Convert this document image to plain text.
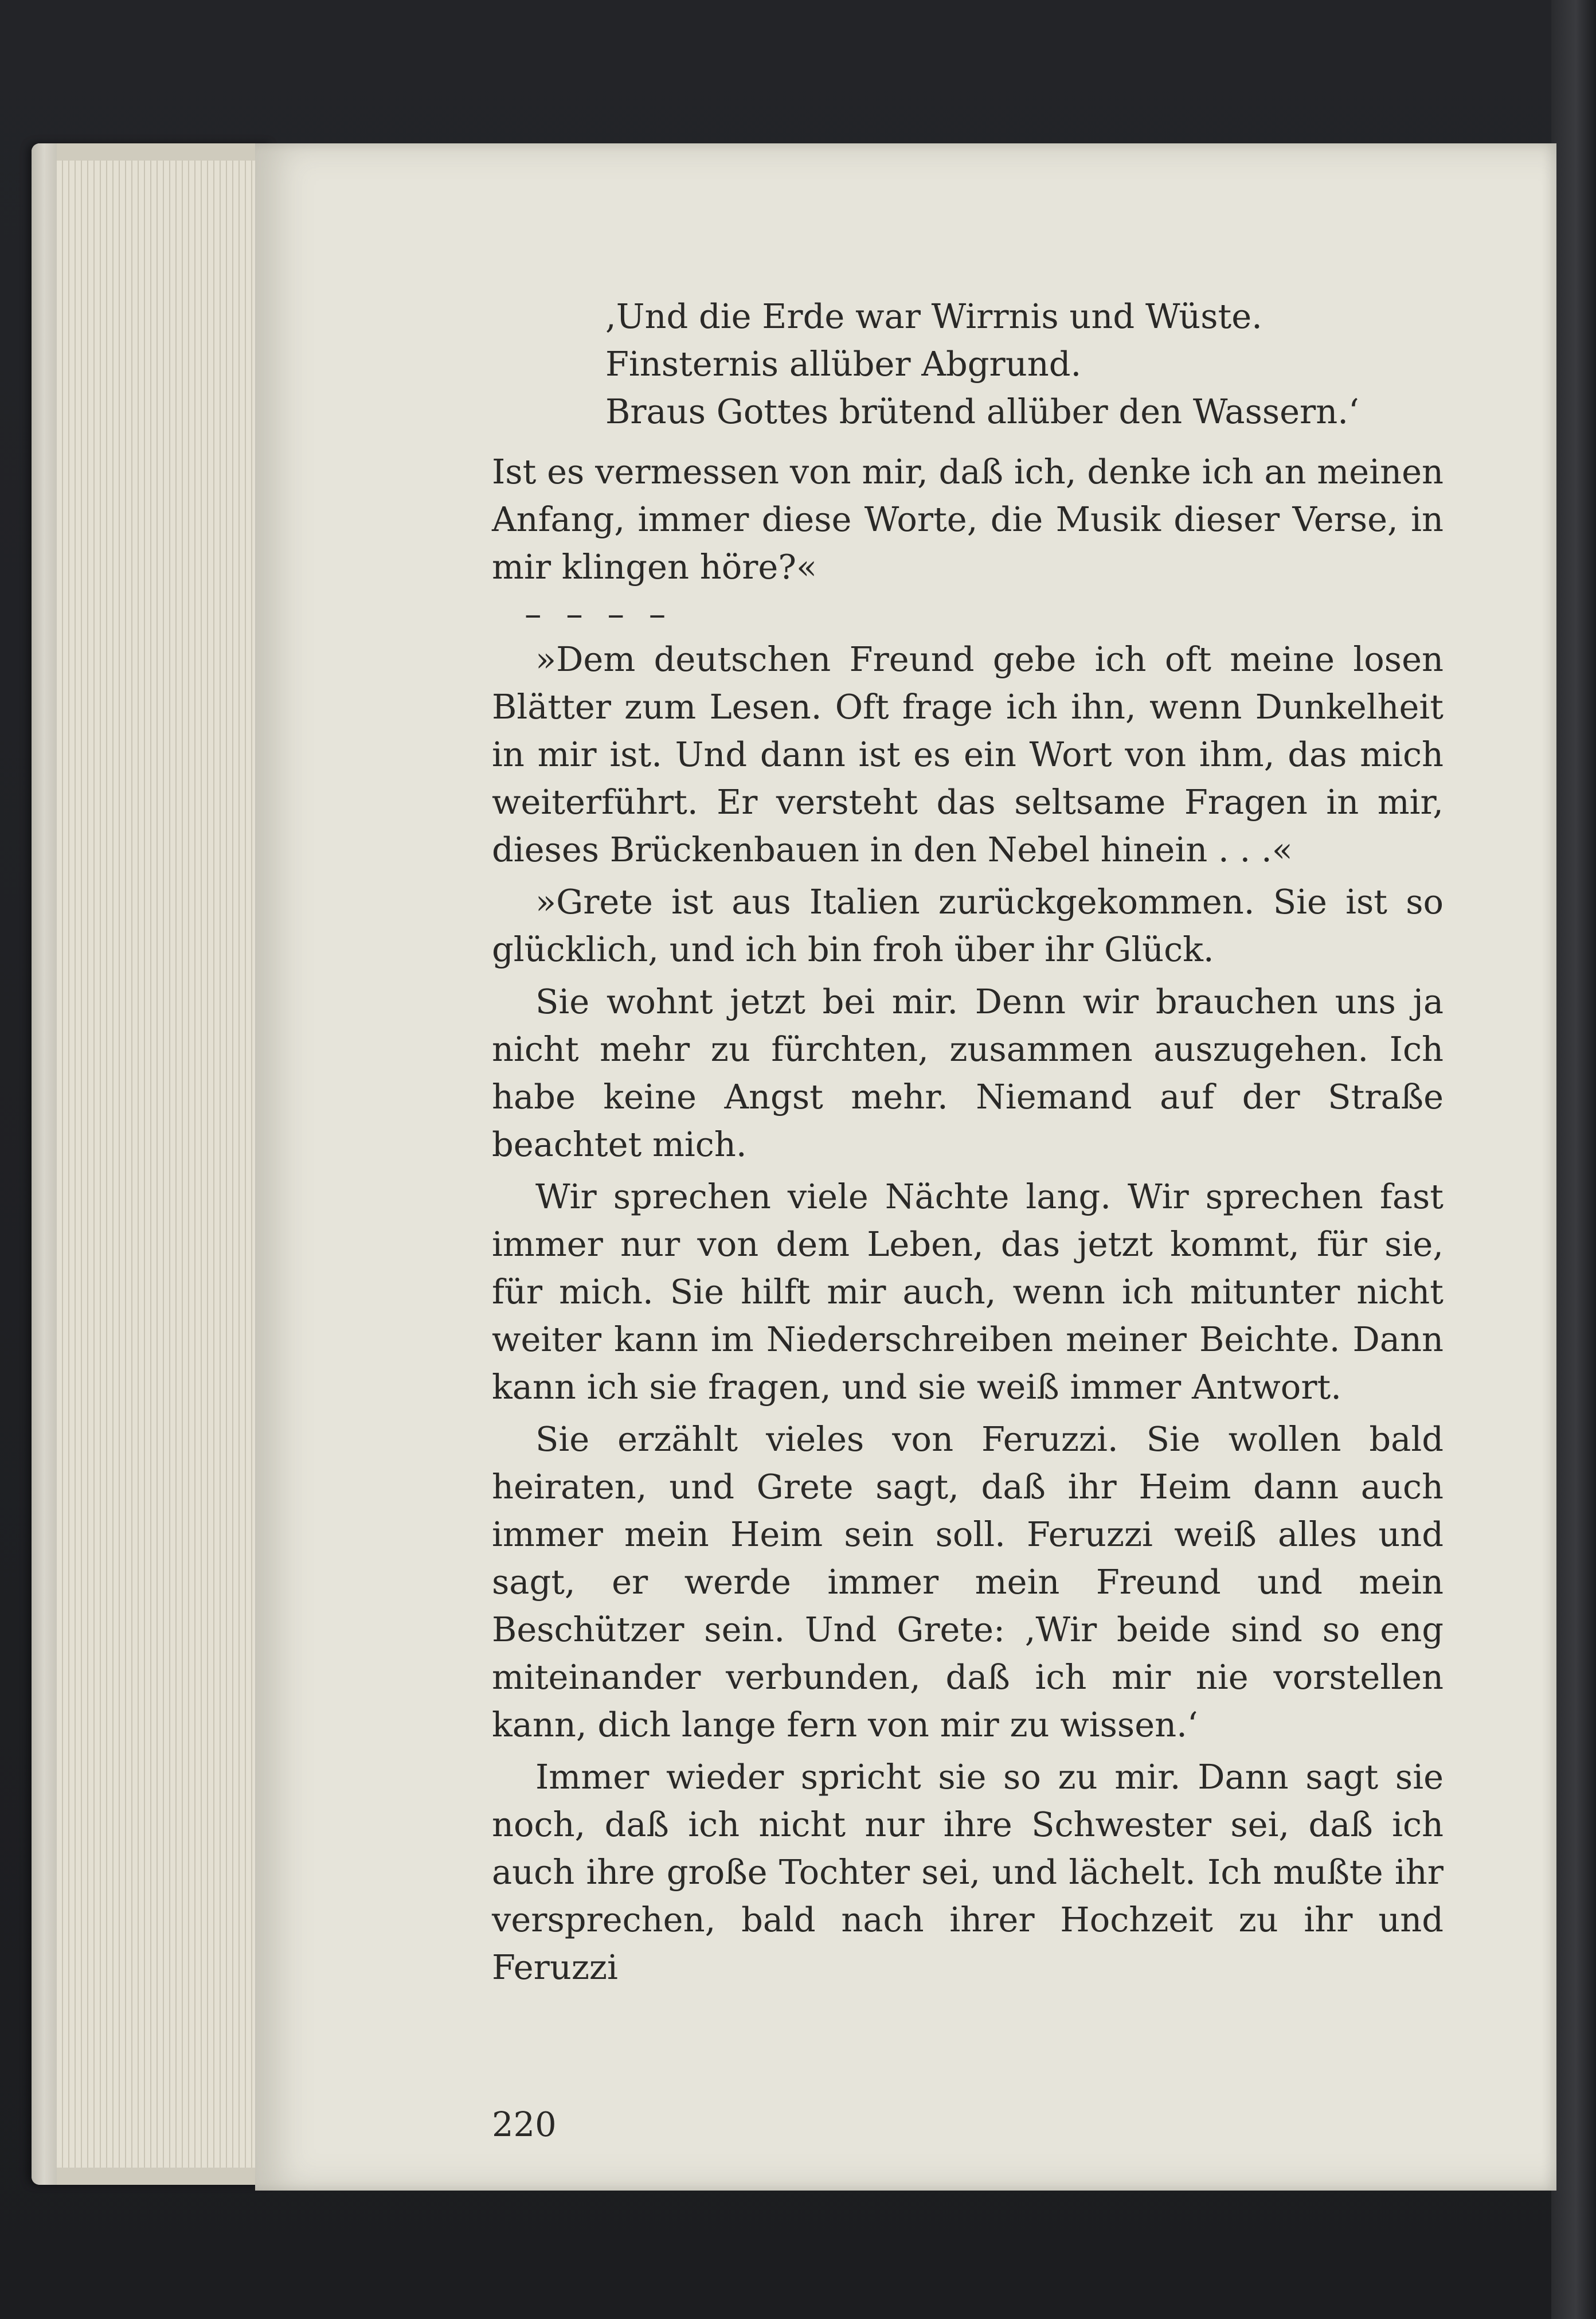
,Und die Erde war Wirrnis und Wüste.
Finsternis allüber Abgrund.
Braus Gottes brütend allüber den Wassern.‘

Ist es vermessen von mir, daß ich, denke ich an meinen Anfang, immer diese Worte, die Musik dieser Verse, in mir klingen höre?«

– – – –

»Dem deutschen Freund gebe ich oft meine losen Blätter zum Lesen. Oft frage ich ihn, wenn Dunkelheit in mir ist. Und dann ist es ein Wort von ihm, das mich weiterführt. Er versteht das seltsame Fragen in mir, dieses Brückenbauen in den Nebel hinein . . .«

»Grete ist aus Italien zurückgekommen. Sie ist so glücklich, und ich bin froh über ihr Glück.

Sie wohnt jetzt bei mir. Denn wir brauchen uns ja nicht mehr zu fürchten, zusammen auszugehen. Ich habe keine Angst mehr. Niemand auf der Straße beachtet mich.

Wir sprechen viele Nächte lang. Wir sprechen fast immer nur von dem Leben, das jetzt kommt, für sie, für mich. Sie hilft mir auch, wenn ich mitunter nicht weiter kann im Niederschreiben meiner Beichte. Dann kann ich sie fragen, und sie weiß immer Antwort.

Sie erzählt vieles von Feruzzi. Sie wollen bald heiraten, und Grete sagt, daß ihr Heim dann auch immer mein Heim sein soll. Feruzzi weiß alles und sagt, er werde immer mein Freund und mein Beschützer sein. Und Grete: ,Wir beide sind so eng miteinander verbunden, daß ich mir nie vorstellen kann, dich lange fern von mir zu wissen.‘

Immer wieder spricht sie so zu mir. Dann sagt sie noch, daß ich nicht nur ihre Schwester sei, daß ich auch ihre große Tochter sei, und lächelt. Ich mußte ihr versprechen, bald nach ihrer Hochzeit zu ihr und Feruzzi

220
